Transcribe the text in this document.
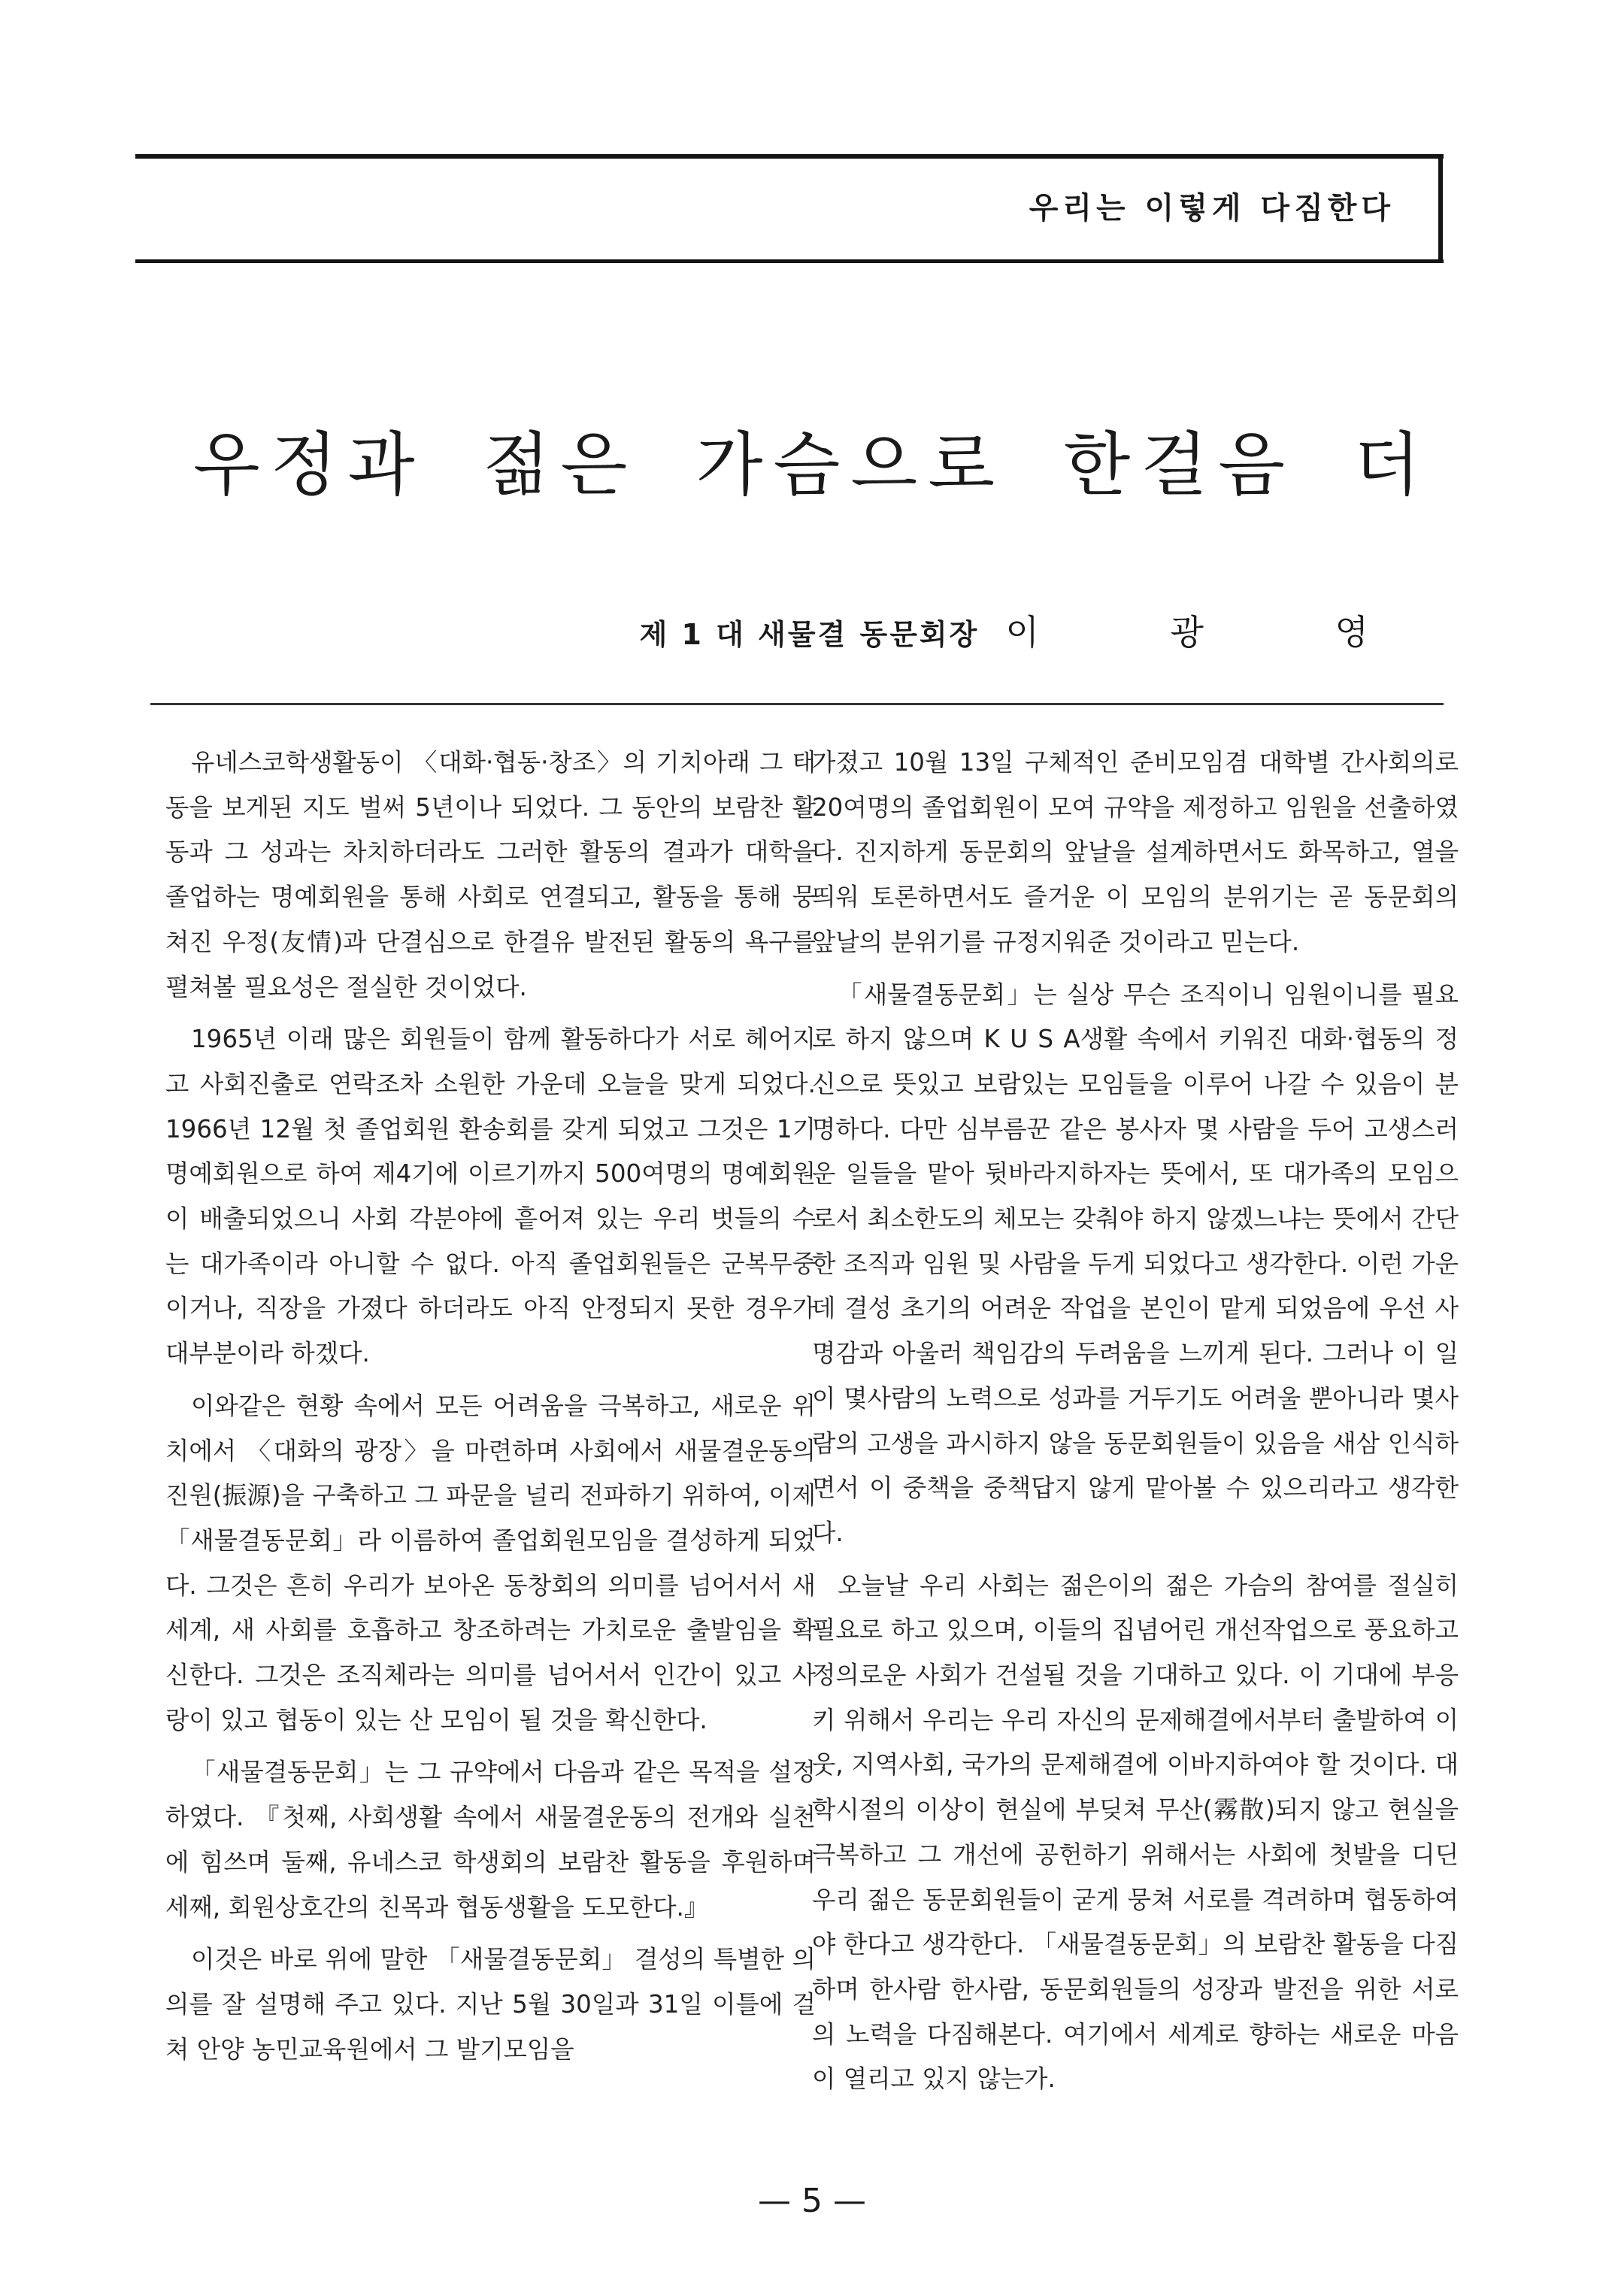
우리는 이렇게 다짐한다
우정과 젊은 가슴으로 한걸음 더
제 1 대 새물결 동문회장 이 광 영

유네스코학생활동이 〈대화·협동·창조〉의 기치아래 그 태동을 보게된 지도 벌써 5년이나 되었다. 그 동안의 보람찬 활동과 그 성과는 차치하더라도 그러한 활동의 결과가 대학을 졸업하는 명예회원을 통해 사회로 연결되고, 활동을 통해 뭉쳐진 우정(友情)과 단결심으로 한결유 발전된 활동의 욕구를 펼쳐볼 필요성은 절실한 것이었다.

1965년 이래 많은 회원들이 함께 활동하다가 서로 헤어지고 사회진출로 연락조차 소원한 가운데 오늘을 맞게 되었다. 1966년 12월 첫 졸업회원 환송회를 갖게 되었고 그것은 1기 명예회원으로 하여 제4기에 이르기까지 500여명의 명예회원이 배출되었으니 사회 각분야에 흩어져 있는 우리 벗들의 수는 대가족이라 아니할 수 없다. 아직 졸업회원들은 군복무중이거나, 직장을 가졌다 하더라도 아직 안정되지 못한 경우가 대부분이라 하겠다.

이와같은 현황 속에서 모든 어려움을 극복하고, 새로운 위치에서 〈대화의 광장〉을 마련하며 사회에서 새물결운동의 진원(振源)을 구축하고 그 파문을 널리 전파하기 위하여, 이제 「새물결동문회」라 이름하여 졸업회원모임을 결성하게 되었다. 그것은 흔히 우리가 보아온 동창회의 의미를 넘어서서 새 세계, 새 사회를 호흡하고 창조하려는 가치로운 출발임을 확신한다. 그것은 조직체라는 의미를 넘어서서 인간이 있고 사랑이 있고 협동이 있는 산 모임이 될 것을 확신한다.

「새물결동문회」는 그 규약에서 다음과 같은 목적을 설정하였다. 『첫째, 사회생활 속에서 새물결운동의 전개와 실천에 힘쓰며 둘째, 유네스코 학생회의 보람찬 활동을 후원하며 세째, 회원상호간의 친목과 협동생활을 도모한다.』

이것은 바로 위에 말한 「새물결동문회」 결성의 특별한 의의를 잘 설명해 주고 있다. 지난 5월 30일과 31일 이틀에 걸쳐 안양 농민교육원에서 그 발기모임을

가졌고 10월 13일 구체적인 준비모임겸 대학별 간사회의로 20여명의 졸업회원이 모여 규약을 제정하고 임원을 선출하였다. 진지하게 동문회의 앞날을 설계하면서도 화목하고, 열을 띄워 토론하면서도 즐거운 이 모임의 분위기는 곧 동문회의 앞날의 분위기를 규정지워준 것이라고 믿는다.

「새물결동문회」는 실상 무슨 조직이니 임원이니를 필요로 하지 않으며 K U S A생활 속에서 키워진 대화·협동의 정신으로 뜻있고 보람있는 모임들을 이루어 나갈 수 있음이 분명하다. 다만 심부름꾼 같은 봉사자 몇 사람을 두어 고생스러운 일들을 맡아 뒷바라지하자는 뜻에서, 또 대가족의 모임으로서 최소한도의 체모는 갖춰야 하지 않겠느냐는 뜻에서 간단한 조직과 임원 및 사람을 두게 되었다고 생각한다. 이런 가운데 결성 초기의 어려운 작업을 본인이 맡게 되었음에 우선 사명감과 아울러 책임감의 두려움을 느끼게 된다. 그러나 이 일이 몇사람의 노력으로 성과를 거두기도 어려울 뿐아니라 몇사람의 고생을 과시하지 않을 동문회원들이 있음을 새삼 인식하면서 이 중책을 중책답지 않게 맡아볼 수 있으리라고 생각한다.

오늘날 우리 사회는 젊은이의 젊은 가슴의 참여를 절실히 필요로 하고 있으며, 이들의 집념어린 개선작업으로 풍요하고 정의로운 사회가 건설될 것을 기대하고 있다. 이 기대에 부응키 위해서 우리는 우리 자신의 문제해결에서부터 출발하여 이웃, 지역사회, 국가의 문제해결에 이바지하여야 할 것이다. 대학시절의 이상이 현실에 부딪쳐 무산(霧散)되지 않고 현실을 극복하고 그 개선에 공헌하기 위해서는 사회에 첫발을 디딘 우리 젊은 동문회원들이 굳게 뭉쳐 서로를 격려하며 협동하여야 한다고 생각한다. 「새물결동문회」의 보람찬 활동을 다짐하며 한사람 한사람, 동문회원들의 성장과 발전을 위한 서로의 노력을 다짐해본다. 여기에서 세계로 향하는 새로운 마음이 열리고 있지 않는가.

— 5 —
